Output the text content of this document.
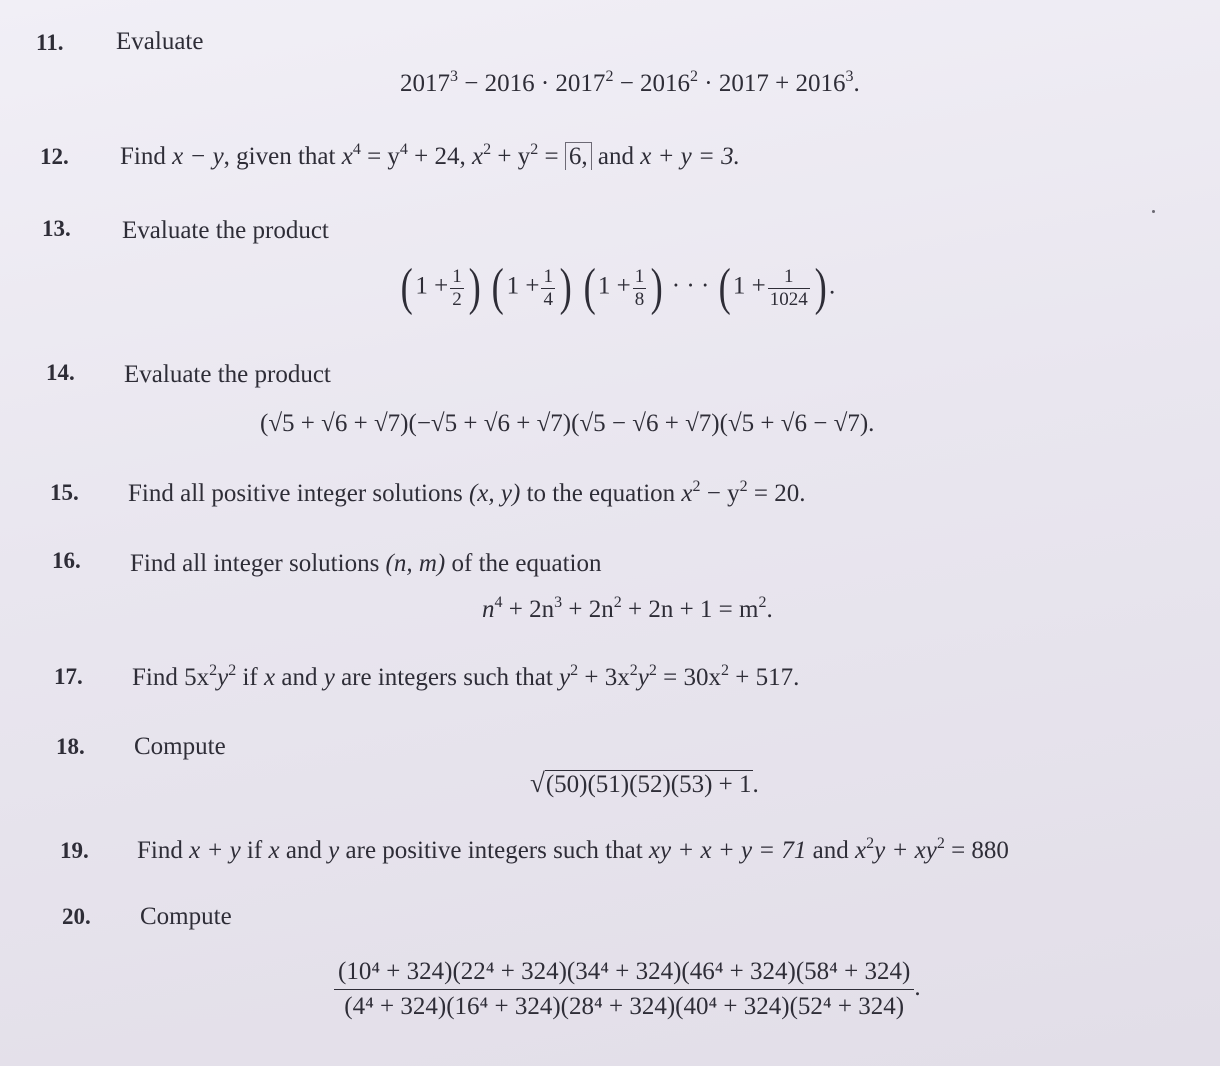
11. Evaluate
$2017^3 - 2016 \cdot 2017^2 - 2016^2 \cdot 2017 + 2016^3$.
12. Find x − y, given that $x^4 = y^4 + 24$, $x^2 + y^2 = 6$, and x + y = 3.
13. Evaluate the product
( $1 + \frac{1}{2}$ ) ( $1 + \frac{1}{4}$ ) ( $1 + \frac{1}{8}$ ) · · · ( $1 + \frac{1}{1024}$ ) .
14. Evaluate the product
(√5 + √6 + √7)(−√5 + √6 + √7)(√5 − √6 + √7)(√5 + √6 − √7).
15. Find all positive integer solutions (x, y) to the equation $x^2 - y^2 = 20$.
16. Find all integer solutions (n, m) of the equation
$n^4 + 2n^3 + 2n^2 + 2n + 1 = m^2$.
17. Find $5x^2y^2$ if x and y are integers such that $y^2 + 3x^2y^2 = 30x^2 + 517$.
18. Compute
√(50)(51)(52)(53) + 1.
19. Find x + y if x and y are positive integers such that xy + x + y = 71 and $x^2y + xy^2 = 880$
20. Compute
$\frac{\text{(10⁴ + 324)(22⁴ + 324)(34⁴ + 324)(46⁴ + 324)(58⁴ + 324)}}{\text{(4⁴ + 324)(16⁴ + 324)(28⁴ + 324)(40⁴ + 324)(52⁴ + 324)}}$ .
